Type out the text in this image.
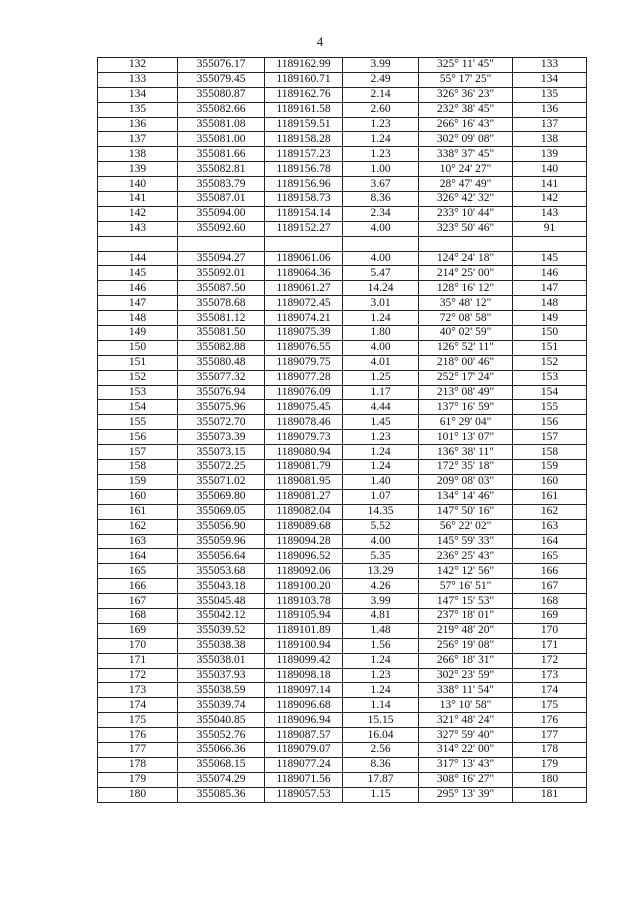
4
132	355076.17	1189162.99	3.99	325° 11' 45"	133
133	355079.45	1189160.71	2.49	55° 17' 25"	134
134	355080.87	1189162.76	2.14	326° 36' 23"	135
135	355082.66	1189161.58	2.60	232° 38' 45"	136
136	355081.08	1189159.51	1.23	266° 16' 43"	137
137	355081.00	1189158.28	1.24	302° 09' 08"	138
138	355081.66	1189157.23	1.23	338° 37' 45"	139
139	355082.81	1189156.78	1.00	10° 24' 27"	140
140	355083.79	1189156.96	3.67	28° 47' 49"	141
141	355087.01	1189158.73	8.36	326° 42' 32"	142
142	355094.00	1189154.14	2.34	233° 10' 44"	143
143	355092.60	1189152.27	4.00	323° 50' 46"	91

144	355094.27	1189061.06	4.00	124° 24' 18"	145
145	355092.01	1189064.36	5.47	214° 25' 00"	146
146	355087.50	1189061.27	14.24	128° 16' 12"	147
147	355078.68	1189072.45	3.01	35° 48' 12"	148
148	355081.12	1189074.21	1.24	72° 08' 58"	149
149	355081.50	1189075.39	1.80	40° 02' 59"	150
150	355082.88	1189076.55	4.00	126° 52' 11"	151
151	355080.48	1189079.75	4.01	218° 00' 46"	152
152	355077.32	1189077.28	1.25	252° 17' 24"	153
153	355076.94	1189076.09	1.17	213° 08' 49"	154
154	355075.96	1189075.45	4.44	137° 16' 59"	155
155	355072.70	1189078.46	1.45	61° 29' 04"	156
156	355073.39	1189079.73	1.23	101° 13' 07"	157
157	355073.15	1189080.94	1.24	136° 38' 11"	158
158	355072.25	1189081.79	1.24	172° 35' 18"	159
159	355071.02	1189081.95	1.40	209° 08' 03"	160
160	355069.80	1189081.27	1.07	134° 14' 46"	161
161	355069.05	1189082.04	14.35	147° 50' 16"	162
162	355056.90	1189089.68	5.52	56° 22' 02"	163
163	355059.96	1189094.28	4.00	145° 59' 33"	164
164	355056.64	1189096.52	5.35	236° 25' 43"	165
165	355053.68	1189092.06	13.29	142° 12' 56"	166
166	355043.18	1189100.20	4.26	57° 16' 51"	167
167	355045.48	1189103.78	3.99	147° 15' 53"	168
168	355042.12	1189105.94	4.81	237° 18' 01"	169
169	355039.52	1189101.89	1.48	219° 48' 20"	170
170	355038.38	1189100.94	1.56	256° 19' 08"	171
171	355038.01	1189099.42	1.24	266° 18' 31"	172
172	355037.93	1189098.18	1.23	302° 23' 59"	173
173	355038.59	1189097.14	1.24	338° 11' 54"	174
174	355039.74	1189096.68	1.14	13° 10' 58"	175
175	355040.85	1189096.94	15.15	321° 48' 24"	176
176	355052.76	1189087.57	16.04	327° 59' 40"	177
177	355066.36	1189079.07	2.56	314° 22' 00"	178
178	355068.15	1189077.24	8.36	317° 13' 43"	179
179	355074.29	1189071.56	17.87	308° 16' 27"	180
180	355085.36	1189057.53	1.15	295° 13' 39"	181
